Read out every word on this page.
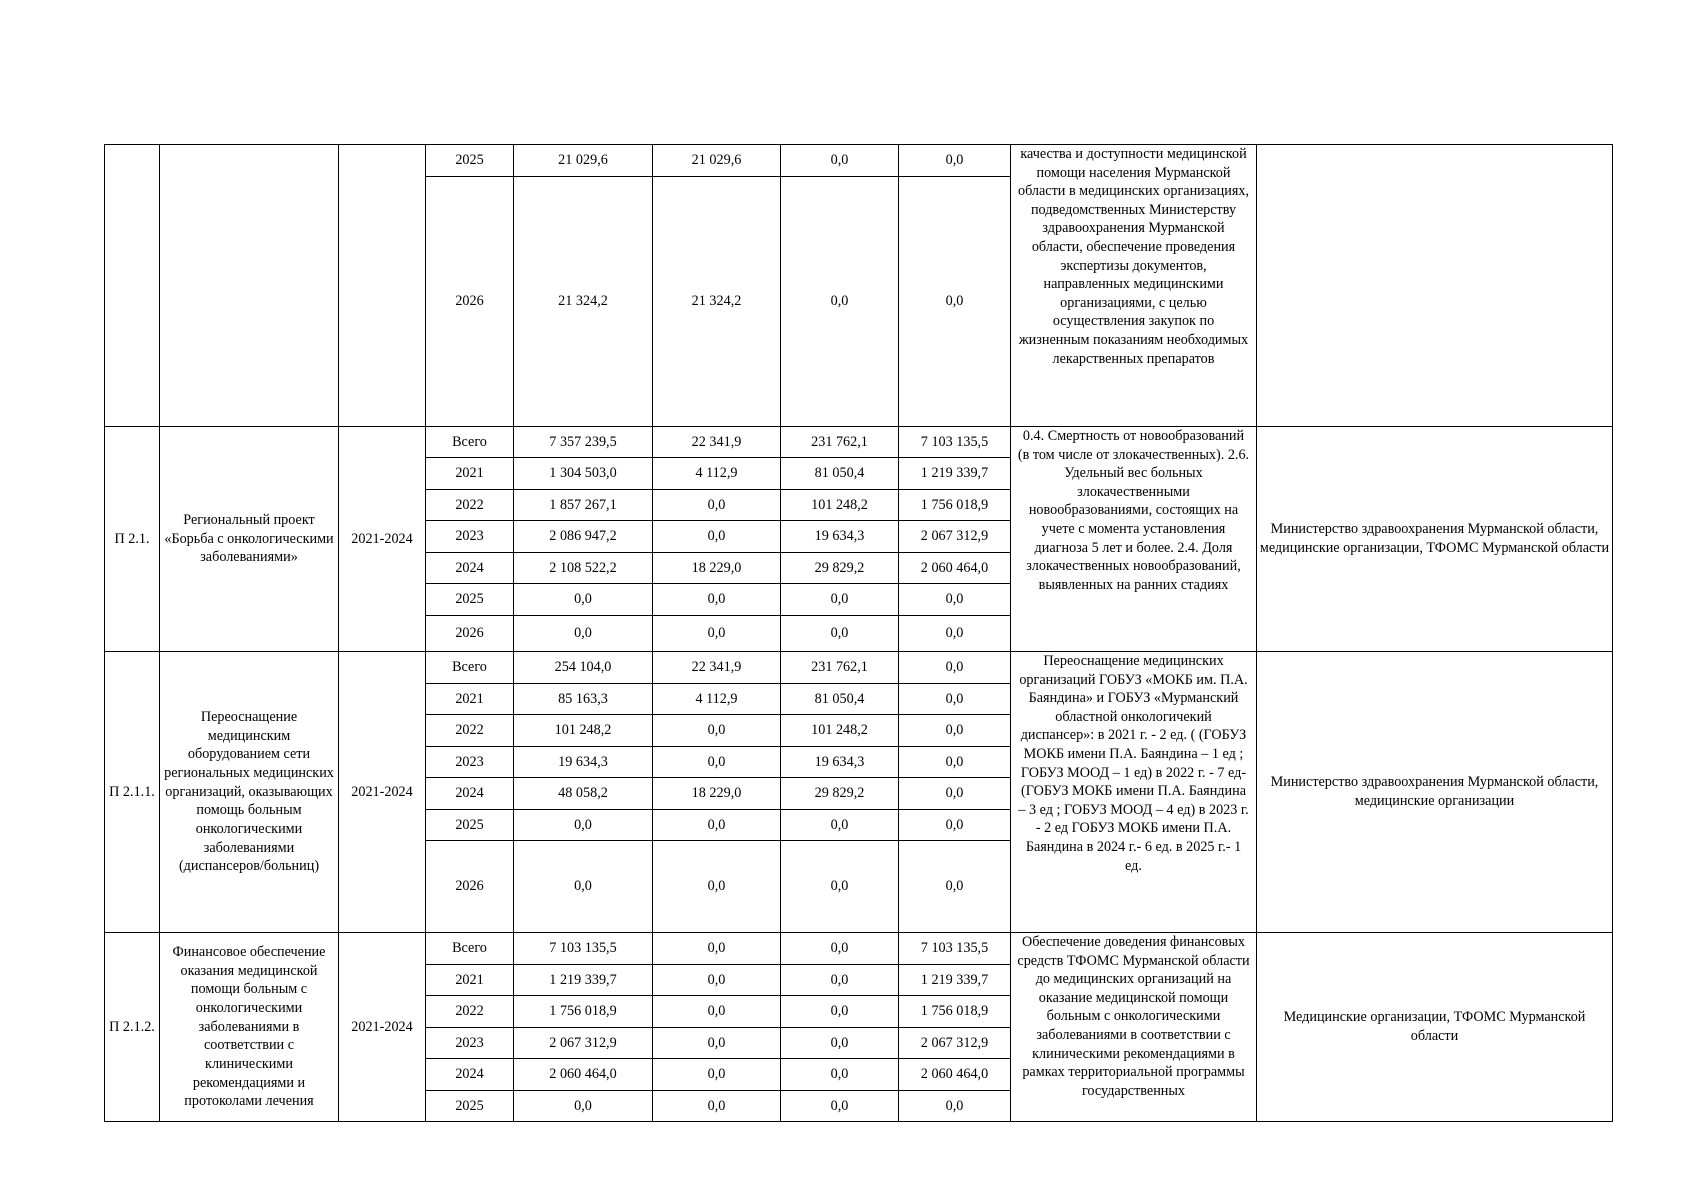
			2025	21 029,6	21 029,6	0,0	0,0	качества и доступности медицинской помощи населения Мурманской области в медицинских организациях, подведомственных Министерству здравоохранения Мурманской области, обеспечение проведения экспертизы документов, направленных медицинскими организациями, с целью осуществления закупок по жизненным показаниям необходимых лекарственных препаратов	
			2026	21 324,2	21 324,2	0,0	0,0		
П 2.1.	Региональный проект «Борьба с онкологическими заболеваниями»	2021-2024	Всего	7 357 239,5	22 341,9	231 762,1	7 103 135,5	0.4. Смертность от новообразований (в том числе от злокачественных). 2.6. Удельный вес больных злокачественными новообразованиями, состоящих на учете с момента установления диагноза 5 лет и более. 2.4. Доля злокачественных новообразований, выявленных на ранних стадиях	Министерство здравоохранения Мурманской области, медицинские организации, ТФОМС Мурманской области
			2021	1 304 503,0	4 112,9	81 050,4	1 219 339,7		
			2022	1 857 267,1	0,0	101 248,2	1 756 018,9		
			2023	2 086 947,2	0,0	19 634,3	2 067 312,9		
			2024	2 108 522,2	18 229,0	29 829,2	2 060 464,0		
			2025	0,0	0,0	0,0	0,0		
			2026	0,0	0,0	0,0	0,0		
П 2.1.1.	Переоснащение медицинским оборудованием сети региональных медицинских организаций, оказывающих помощь больным онкологическими заболеваниями (диспансеров/больниц)	2021-2024	Всего	254 104,0	22 341,9	231 762,1	0,0	Переоснащение медицинских организаций ГОБУЗ «МОКБ им. П.А. Баяндина» и ГОБУЗ «Мурманский областной онкологичекий диспансер»: в 2021 г. - 2 ед. ( (ГОБУЗ МОКБ имени П.А. Баяндина – 1 ед ; ГОБУЗ МООД – 1 ед) в 2022 г. - 7 ед- (ГОБУЗ МОКБ имени П.А. Баяндина – 3 ед ; ГОБУЗ МООД – 4 ед) в 2023 г. - 2 ед ГОБУЗ МОКБ имени П.А. Баяндина в 2024 г.- 6 ед. в 2025 г.- 1 ед.	Министерство здравоохранения Мурманской области, медицинские организации
			2021	85 163,3	4 112,9	81 050,4	0,0		
			2022	101 248,2	0,0	101 248,2	0,0		
			2023	19 634,3	0,0	19 634,3	0,0		
			2024	48 058,2	18 229,0	29 829,2	0,0		
			2025	0,0	0,0	0,0	0,0		
			2026	0,0	0,0	0,0	0,0		
П 2.1.2.	Финансовое обеспечение оказания медицинской помощи больным с онкологическими заболеваниями в соответствии с клиническими рекомендациями и протоколами лечения	2021-2024	Всего	7 103 135,5	0,0	0,0	7 103 135,5	Обеспечение доведения финансовых средств ТФОМС Мурманской области до медицинских организаций на оказание медицинской помощи больным с онкологическими заболеваниями в соответствии с клиническими рекомендациями в рамках территориальной программы государственных	Медицинские организации, ТФОМС Мурманской области
			2021	1 219 339,7	0,0	0,0	1 219 339,7		
			2022	1 756 018,9	0,0	0,0	1 756 018,9		
			2023	2 067 312,9	0,0	0,0	2 067 312,9		
			2024	2 060 464,0	0,0	0,0	2 060 464,0		
			2025	0,0	0,0	0,0	0,0		
